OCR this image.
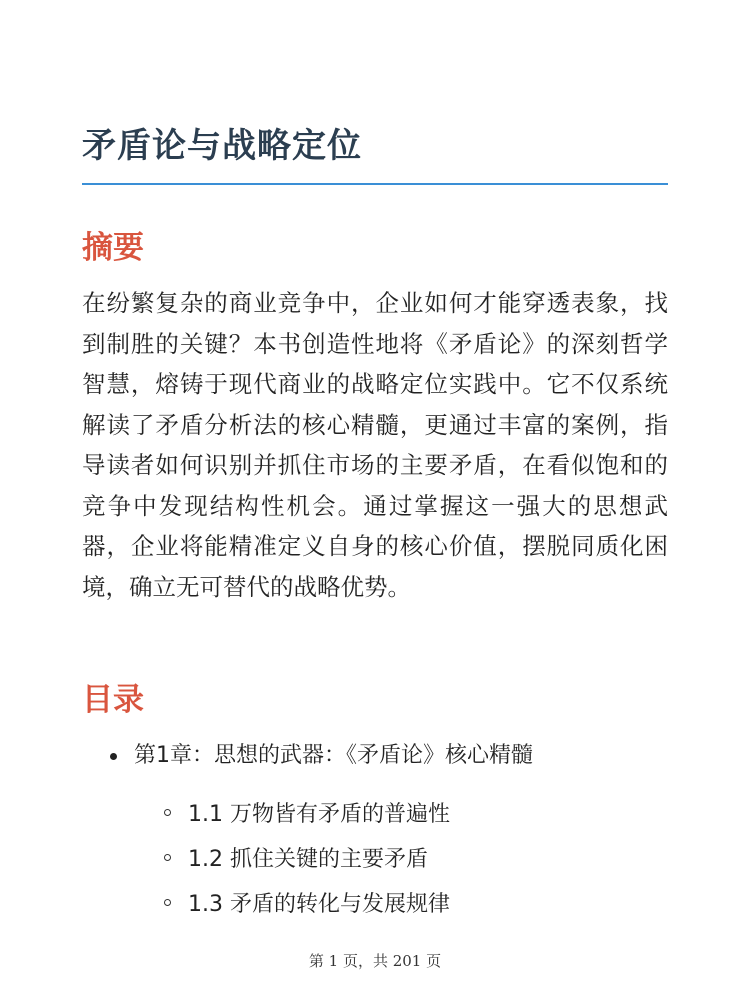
矛盾论与战略定位
摘要

在纷繁复杂的商业竞争中，企业如何才能穿透表象，找到制胜的关键？本书创造性地将《矛盾论》的深刻哲学智慧，熔铸于现代商业的战略定位实践中。它不仅系统解读了矛盾分析法的核心精髓，更通过丰富的案例，指导读者如何识别并抓住市场的主要矛盾，在看似饱和的竞争中发现结构性机会。通过掌握这一强大的思想武器，企业将能精准定义自身的核心价值，摆脱同质化困境，确立无可替代的战略优势。

目录
第1章：思想的武器：《矛盾论》核心精髓
1.1 万物皆有矛盾的普遍性
1.2 抓住关键的主要矛盾
1.3 矛盾的转化与发展规律
第 1 页，共 201 页
